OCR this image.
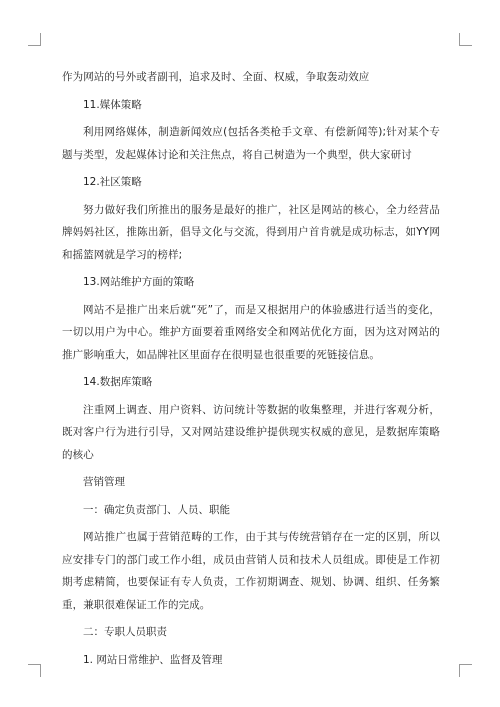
作为网站的号外或者副刊，追求及时、全面、权威，争取轰动效应

11.媒体策略

利用网络媒体，制造新闻效应(包括各类枪手文章、有偿新闻等);针对某个专题与类型，发起媒体讨论和关注焦点，将自己树造为一个典型，供大家研讨

12.社区策略

努力做好我们所推出的服务是最好的推广，社区是网站的核心，全力经营品牌妈妈社区，推陈出新，倡导文化与交流，得到用户首肯就是成功标志，如YY网和摇篮网就是学习的榜样;

13.网站维护方面的策略

网站不是推广出来后就“死”了，而是又根据用户的体验感进行适当的变化，一切以用户为中心。维护方面要着重网络安全和网站优化方面，因为这对网站的推广影响重大，如品牌社区里面存在很明显也很重要的死链接信息。

14.数据库策略

注重网上调查、用户资料、访问统计等数据的收集整理，并进行客观分析，既对客户行为进行引导，又对网站建设维护提供现实权威的意见，是数据库策略的核心

营销管理

一：确定负责部门、人员、职能

网站推广也属于营销范畴的工作，由于其与传统营销存在一定的区别，所以应安排专门的部门或工作小组，成员由营销人员和技术人员组成。即使是工作初期考虑精简，也要保证有专人负责，工作初期调查、规划、协调、组织、任务繁重，兼职很难保证工作的完成。

二：专职人员职责

1. 网站日常维护、监督及管理
